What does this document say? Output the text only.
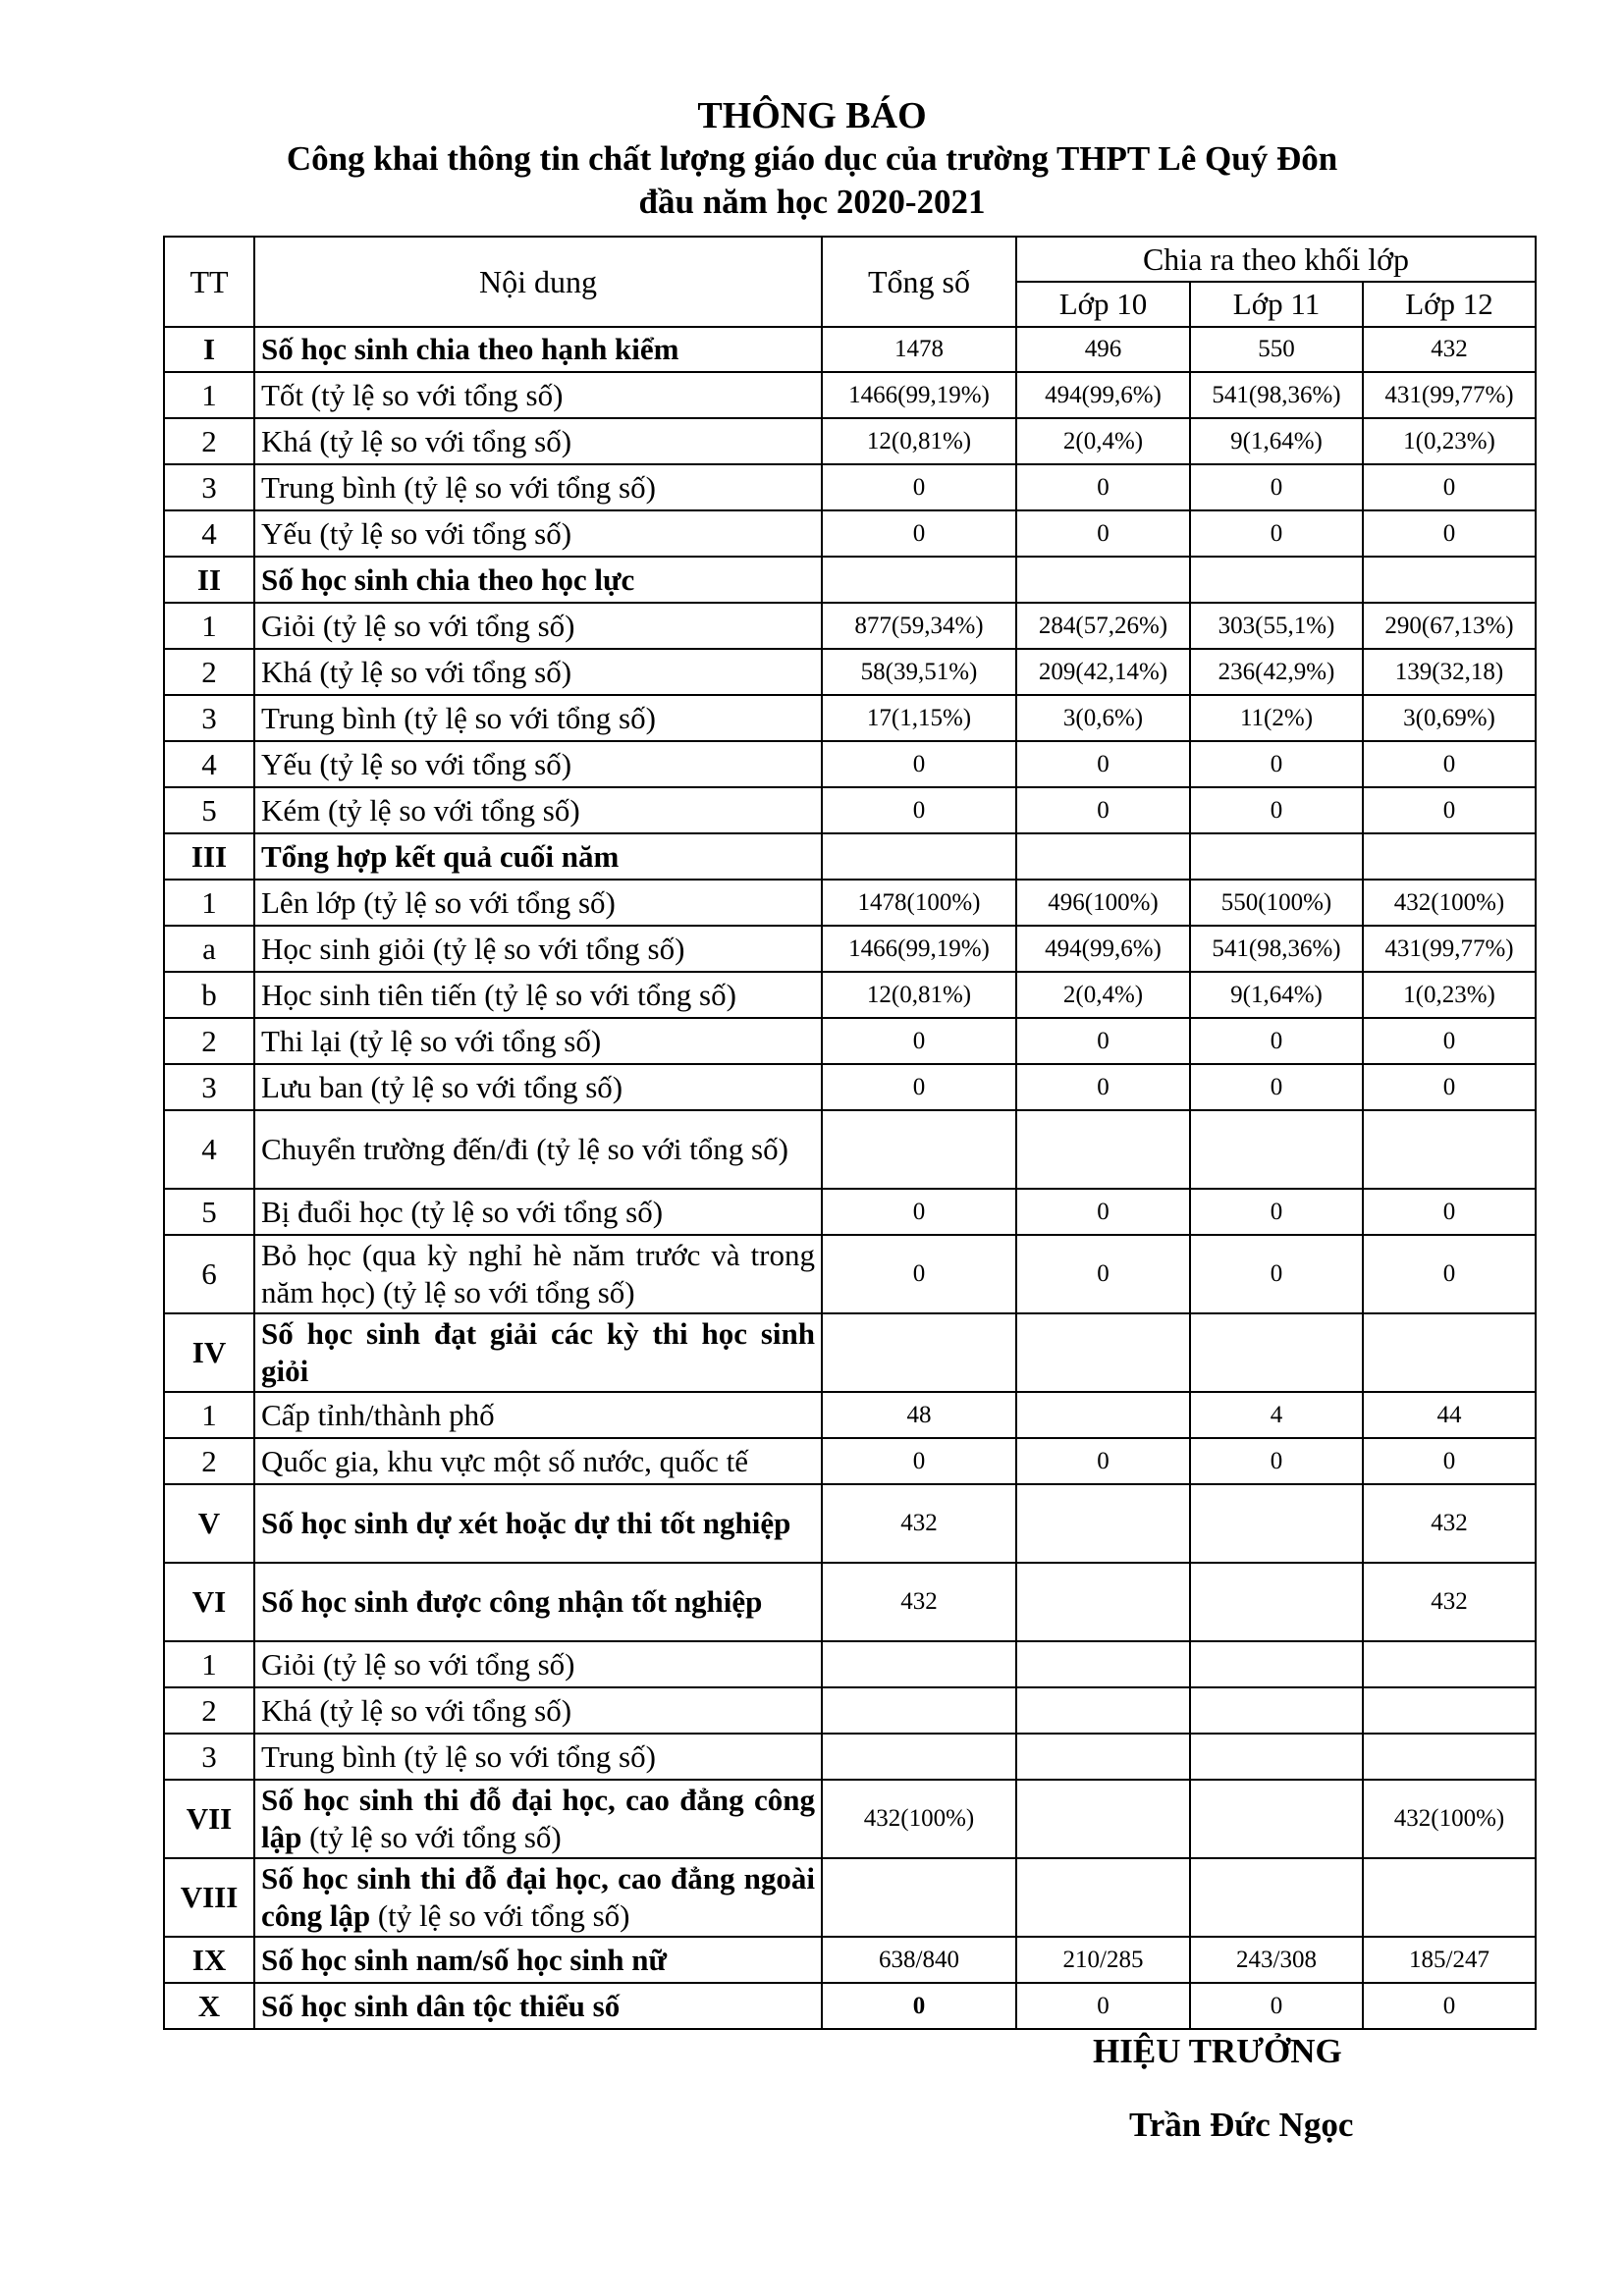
THÔNG BÁO
Công khai thông tin chất lượng giáo dục của trường THPT Lê Quý Đôn
đầu năm học 2020-2021
TT	Nội dung	Tổng số	Chia ra theo khối lớp		
			Lớp 10	Lớp 11	Lớp 12
I	Số học sinh chia theo hạnh kiểm	1478	496	550	432
1	Tốt (tỷ lệ so với tổng số)	1466(99,19%)	494(99,6%)	541(98,36%)	431(99,77%)
2	Khá (tỷ lệ so với tổng số)	12(0,81%)	2(0,4%)	9(1,64%)	1(0,23%)
3	Trung bình (tỷ lệ so với tổng số)	0	0	0	0
4	Yếu (tỷ lệ so với tổng số)	0	0	0	0
II	Số học sinh chia theo học lực				
1	Giỏi (tỷ lệ so với tổng số)	877(59,34%)	284(57,26%)	303(55,1%)	290(67,13%)
2	Khá (tỷ lệ so với tổng số)	58(39,51%)	209(42,14%)	236(42,9%)	139(32,18)
3	Trung bình (tỷ lệ so với tổng số)	17(1,15%)	3(0,6%)	11(2%)	3(0,69%)
4	Yếu (tỷ lệ so với tổng số)	0	0	0	0
5	Kém (tỷ lệ so với tổng số)	0	0	0	0
III	Tổng hợp kết quả cuối năm				
1	Lên lớp (tỷ lệ so với tổng số)	1478(100%)	496(100%)	550(100%)	432(100%)
a	Học sinh giỏi (tỷ lệ so với tổng số)	1466(99,19%)	494(99,6%)	541(98,36%)	431(99,77%)
b	Học sinh tiên tiến (tỷ lệ so với tổng số)	12(0,81%)	2(0,4%)	9(1,64%)	1(0,23%)
2	Thi lại (tỷ lệ so với tổng số)	0	0	0	0
3	Lưu ban (tỷ lệ so với tổng số)	0	0	0	0
4	Chuyển trường đến/đi (tỷ lệ so với tổng số)				
5	Bị đuổi học (tỷ lệ so với tổng số)	0	0	0	0
6	Bỏ học (qua kỳ nghỉ hè năm trước và trong năm học) (tỷ lệ so với tổng số)	0	0	0	0
IV	Số học sinh đạt giải các kỳ thi học sinh giỏi				
1	Cấp tỉnh/thành phố	48		4	44
2	Quốc gia, khu vực một số nước, quốc tế	0	0	0	0
V	Số học sinh dự xét hoặc dự thi tốt nghiệp	432			432
VI	Số học sinh được công nhận tốt nghiệp	432			432
1	Giỏi (tỷ lệ so với tổng số)				
2	Khá (tỷ lệ so với tổng số)				
3	Trung bình (tỷ lệ so với tổng số)				
VII	Số học sinh thi đỗ đại học, cao đẳng công lập (tỷ lệ so với tổng số)	432(100%)			432(100%)
VIII	Số học sinh thi đỗ đại học, cao đẳng ngoài công lập (tỷ lệ so với tổng số)				
IX	Số học sinh nam/số học sinh nữ	638/840	210/285	243/308	185/247
X	Số học sinh dân tộc thiểu số	0	0	0	0
HIỆU TRƯỞNG
Trần Đức Ngọc
